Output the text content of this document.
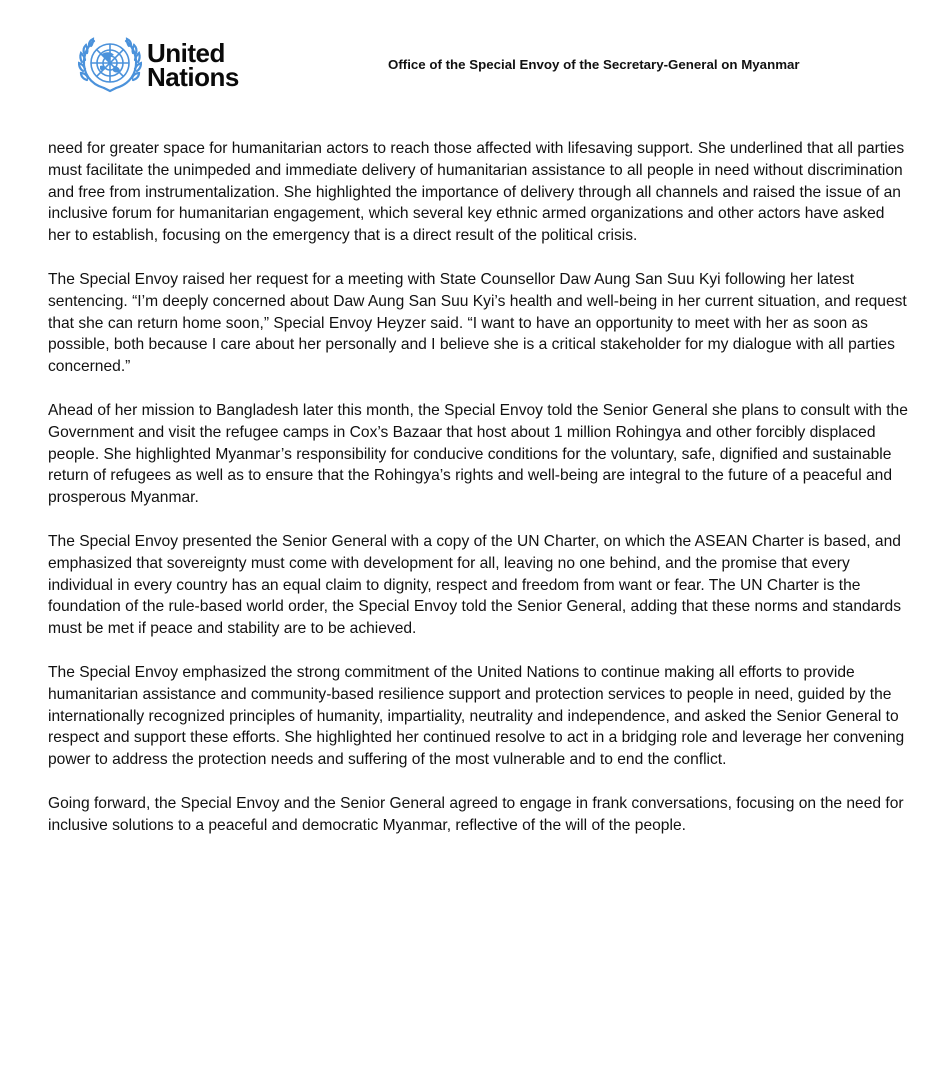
United
Nations	Office of the Special Envoy of the Secretary-General on Myanmar

need for greater space for humanitarian actors to reach those affected with lifesaving support. She underlined that all parties must facilitate the unimpeded and immediate delivery of humanitarian assistance to all people in need without discrimination and free from instrumentalization. She highlighted the importance of delivery through all channels and raised the issue of an inclusive forum for humanitarian engagement, which several key ethnic armed organizations and other actors have asked her to establish, focusing on the emergency that is a direct result of the political crisis.

The Special Envoy raised her request for a meeting with State Counsellor Daw Aung San Suu Kyi following her latest sentencing. “I’m deeply concerned about Daw Aung San Suu Kyi’s health and well-being in her current situation, and request that she can return home soon,” Special Envoy Heyzer said. “I want to have an opportunity to meet with her as soon as possible, both because I care about her personally and I believe she is a critical stakeholder for my dialogue with all parties concerned.”

Ahead of her mission to Bangladesh later this month, the Special Envoy told the Senior General she plans to consult with the Government and visit the refugee camps in Cox’s Bazaar that host about 1 million Rohingya and other forcibly displaced people. She highlighted Myanmar’s responsibility for conducive conditions for the voluntary, safe, dignified and sustainable return of refugees as well as to ensure that the Rohingya’s rights and well-being are integral to the future of a peaceful and prosperous Myanmar.

The Special Envoy presented the Senior General with a copy of the UN Charter, on which the ASEAN Charter is based, and emphasized that sovereignty must come with development for all, leaving no one behind, and the promise that every individual in every country has an equal claim to dignity, respect and freedom from want or fear. The UN Charter is the foundation of the rule-based world order, the Special Envoy told the Senior General, adding that these norms and standards must be met if peace and stability are to be achieved.

The Special Envoy emphasized the strong commitment of the United Nations to continue making all efforts to provide humanitarian assistance and community-based resilience support and protection services to people in need, guided by the internationally recognized principles of humanity, impartiality, neutrality and independence, and asked the Senior General to respect and support these efforts. She highlighted her continued resolve to act in a bridging role and leverage her convening power to address the protection needs and suffering of the most vulnerable and to end the conflict.

Going forward, the Special Envoy and the Senior General agreed to engage in frank conversations, focusing on the need for inclusive solutions to a peaceful and democratic Myanmar, reflective of the will of the people.
